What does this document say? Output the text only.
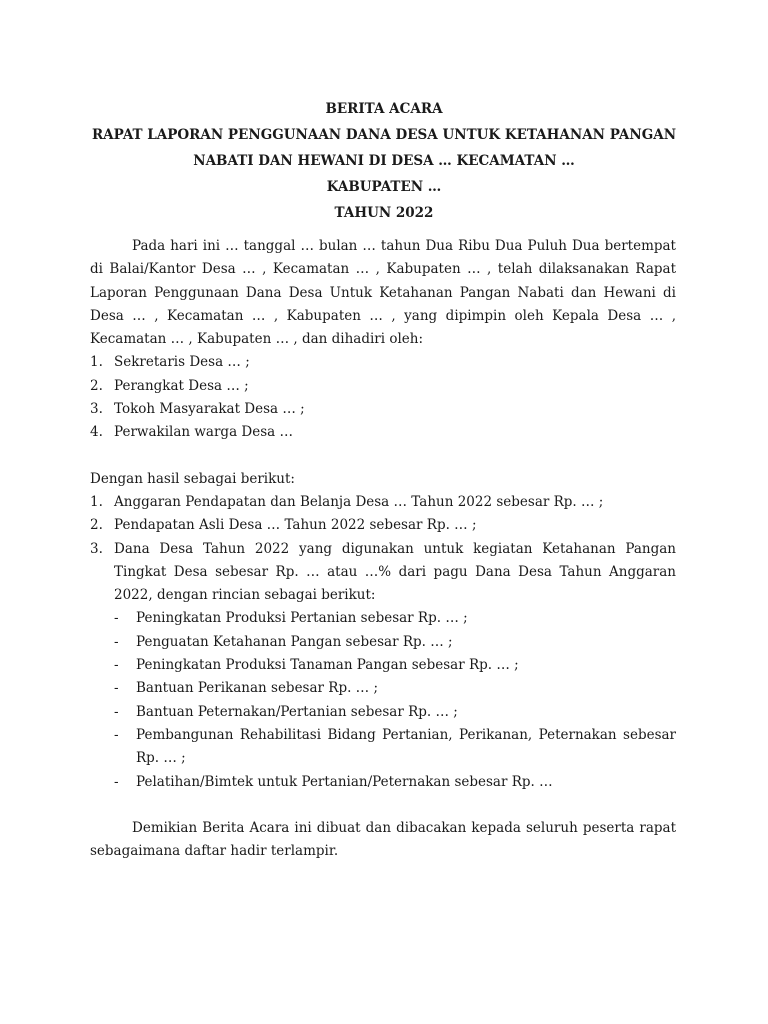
BERITA ACARA
RAPAT LAPORAN PENGGUNAAN DANA DESA UNTUK KETAHANAN PANGAN
NABATI DAN HEWANI DI DESA … KECAMATAN …
KABUPATEN …
TAHUN 2022

Pada hari ini … tanggal … bulan … tahun Dua Ribu Dua Puluh Dua bertempat di Balai/Kantor Desa … , Kecamatan … , Kabupaten … , telah dilaksanakan Rapat Laporan Penggunaan Dana Desa Untuk Ketahanan Pangan Nabati dan Hewani di Desa … , Kecamatan … , Kabupaten … , yang dipimpin oleh Kepala Desa … , Kecamatan … , Kabupaten … , dan dihadiri oleh:

1. Sekretaris Desa … ;
2. Perangkat Desa … ;
3. Tokoh Masyarakat Desa … ;
4. Perwakilan warga Desa …

Dengan hasil sebagai berikut:

1. Anggaran Pendapatan dan Belanja Desa … Tahun 2022 sebesar Rp. … ;
2. Pendapatan Asli Desa … Tahun 2022 sebesar Rp. … ;
3. Dana Desa Tahun 2022 yang digunakan untuk kegiatan Ketahanan Pangan Tingkat Desa sebesar Rp. … atau …% dari pagu Dana Desa Tahun Anggaran 2022, dengan rincian sebagai berikut:
- Peningkatan Produksi Pertanian sebesar Rp. … ;
- Penguatan Ketahanan Pangan sebesar Rp. … ;
- Peningkatan Produksi Tanaman Pangan sebesar Rp. … ;
- Bantuan Perikanan sebesar Rp. … ;
- Bantuan Peternakan/Pertanian sebesar Rp. … ;
- Pembangunan Rehabilitasi Bidang Pertanian, Perikanan, Peternakan sebesar Rp. … ;
- Pelatihan/Bimtek untuk Pertanian/Peternakan sebesar Rp. …

Demikian Berita Acara ini dibuat dan dibacakan kepada seluruh peserta rapat sebagaimana daftar hadir terlampir.
